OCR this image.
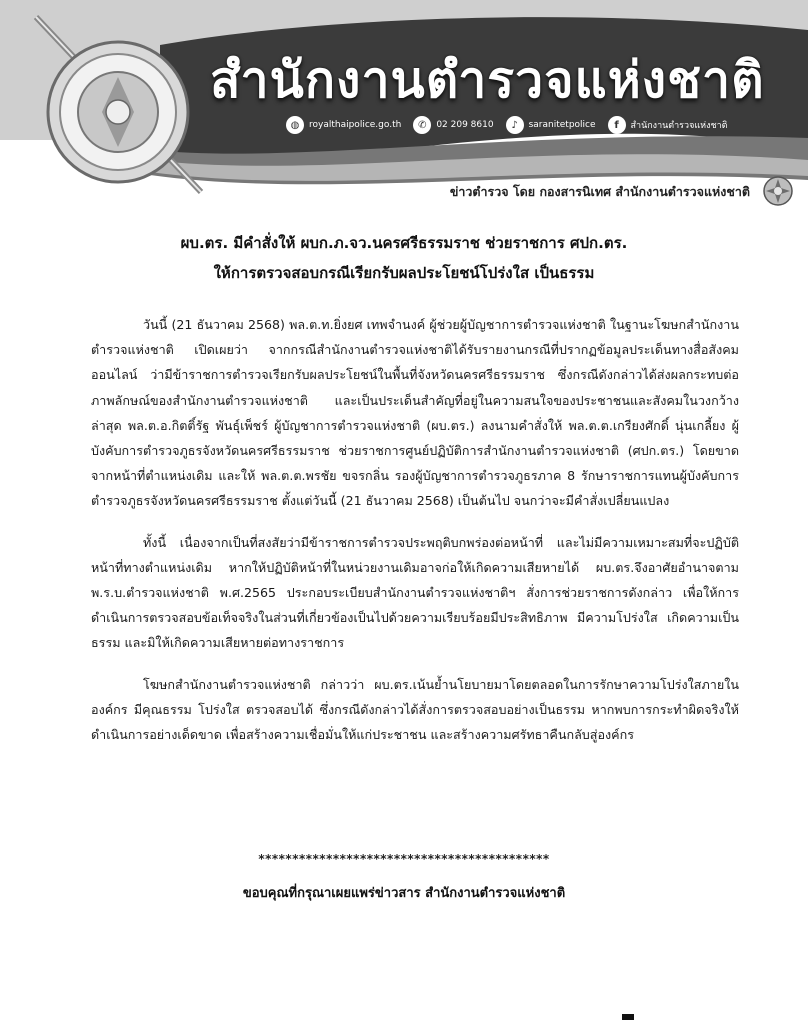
สำนักงานตำรวจแห่งชาติ
◍	royalthaipolice.go.th	✆	02 209 8610	♪	saranitetpolice	f	สำนักงานตำรวจแห่งชาติ
ข่าวตำรวจ โดย กองสารนิเทศ สำนักงานตำรวจแห่งชาติ
ผบ.ตร. มีคำสั่งให้ ผบก.ภ.จว.นครศรีธรรมราช ช่วยราชการ ศปก.ตร.
ให้การตรวจสอบกรณีเรียกรับผลประโยชน์โปร่งใส เป็นธรรม

วันนี้ (21 ธันวาคม 2568) พล.ต.ท.ยิ่งยศ เทพจำนงค์ ผู้ช่วยผู้บัญชาการตำรวจแห่งชาติ ในฐานะโฆษกสำนักงานตำรวจแห่งชาติ เปิดเผยว่า จากกรณีสำนักงานตำรวจแห่งชาติได้รับรายงานกรณีที่ปรากฏข้อมูลประเด็นทางสื่อสังคมออนไลน์ ว่ามีข้าราชการตำรวจเรียกรับผลประโยชน์ในพื้นที่จังหวัดนครศรีธรรมราช ซึ่งกรณีดังกล่าวได้ส่งผลกระทบต่อภาพลักษณ์ของสำนักงานตำรวจแห่งชาติ และเป็นประเด็นสำคัญที่อยู่ในความสนใจของประชาชนและสังคมในวงกว้าง ล่าสุด พล.ต.อ.กิตติ์รัฐ พันธุ์เพ็ชร์ ผู้บัญชาการตำรวจแห่งชาติ (ผบ.ตร.) ลงนามคำสั่งให้ พล.ต.ต.เกรียงศักดิ์ นุ่นเกลี้ยง ผู้บังคับการตำรวจภูธรจังหวัดนครศรีธรรมราช ช่วยราชการศูนย์ปฏิบัติการสำนักงานตำรวจแห่งชาติ (ศปก.ตร.) โดยขาดจากหน้าที่ตำแหน่งเดิม และให้ พล.ต.ต.พรชัย ขจรกลิ่น รองผู้บัญชาการตำรวจภูธรภาค 8 รักษาราชการแทนผู้บังคับการตำรวจภูธรจังหวัดนครศรีธรรมราช ตั้งแต่วันนี้ (21 ธันวาคม 2568) เป็นต้นไป จนกว่าจะมีคำสั่งเปลี่ยนแปลง

ทั้งนี้ เนื่องจากเป็นที่สงสัยว่ามีข้าราชการตำรวจประพฤติบกพร่องต่อหน้าที่ และไม่มีความเหมาะสมที่จะปฏิบัติหน้าที่ทางตำแหน่งเดิม หากให้ปฏิบัติหน้าที่ในหน่วยงานเดิมอาจก่อให้เกิดความเสียหายได้ ผบ.ตร.จึงอาศัยอำนาจตาม พ.ร.บ.ตำรวจแห่งชาติ พ.ศ.2565 ประกอบระเบียบสำนักงานตำรวจแห่งชาติฯ สั่งการช่วยราชการดังกล่าว เพื่อให้การดำเนินการตรวจสอบข้อเท็จจริงในส่วนที่เกี่ยวข้องเป็นไปด้วยความเรียบร้อยมีประสิทธิภาพ มีความโปร่งใส เกิดความเป็นธรรม และมิให้เกิดความเสียหายต่อทางราชการ

โฆษกสำนักงานตำรวจแห่งชาติ กล่าวว่า ผบ.ตร.เน้นย้ำนโยบายมาโดยตลอดในการรักษาความโปร่งใสภายในองค์กร มีคุณธรรม โปร่งใส ตรวจสอบได้ ซึ่งกรณีดังกล่าวได้สั่งการตรวจสอบอย่างเป็นธรรม หากพบการกระทำผิดจริงให้ดำเนินการอย่างเด็ดขาด เพื่อสร้างความเชื่อมั่นให้แก่ประชาชน และสร้างความศรัทธาคืนกลับสู่องค์กร

*******************************************
ขอบคุณที่กรุณาเผยแพร่ข่าวสาร สำนักงานตำรวจแห่งชาติ
